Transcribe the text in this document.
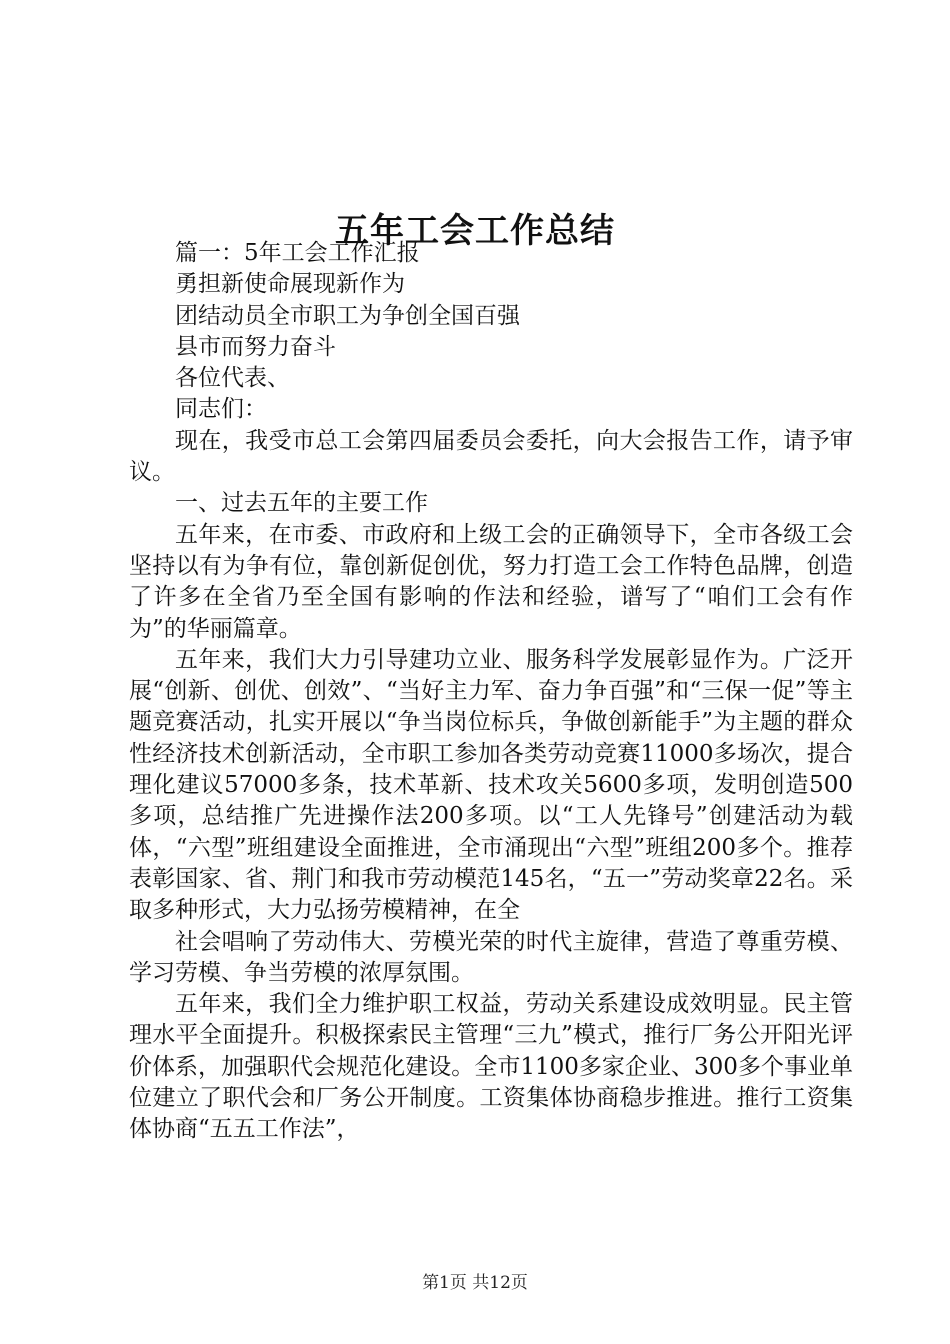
五年工会工作总结

篇一：5年工会工作汇报

勇担新使命展现新作为

团结动员全市职工为争创全国百强

县市而努力奋斗

各位代表、

同志们：

现在，我受市总工会第四届委员会委托，向大会报告工作，请予审议。

一、过去五年的主要工作

五年来，在市委、市政府和上级工会的正确领导下，全市各级工会坚持以有为争有位，靠创新促创优，努力打造工会工作特色品牌，创造了许多在全省乃至全国有影响的作法和经验，谱写了“咱们工会有作为”的华丽篇章。

五年来，我们大力引导建功立业、服务科学发展彰显作为。广泛开展“创新、创优、创效”、“当好主力军、奋力争百强”和“三保一促”等主题竞赛活动，扎实开展以“争当岗位标兵，争做创新能手”为主题的群众性经济技术创新活动，全市职工参加各类劳动竞赛11000多场次，提合理化建议57000多条，技术革新、技术攻关5600多项，发明创造500多项，总结推广先进操作法200多项。以“工人先锋号”创建活动为载体，“六型”班组建设全面推进，全市涌现出“六型”班组200多个。推荐表彰国家、省、荆门和我市劳动模范145名，“五一”劳动奖章22名。采取多种形式，大力弘扬劳模精神，在全

社会唱响了劳动伟大、劳模光荣的时代主旋律，营造了尊重劳模、学习劳模、争当劳模的浓厚氛围。

五年来，我们全力维护职工权益，劳动关系建设成效明显。民主管理水平全面提升。积极探索民主管理“三九”模式，推行厂务公开阳光评价体系，加强职代会规范化建设。全市1100多家企业、300多个事业单位建立了职代会和厂务公开制度。工资集体协商稳步推进。推行工资集体协商“五五工作法”，

第1页 共12页
